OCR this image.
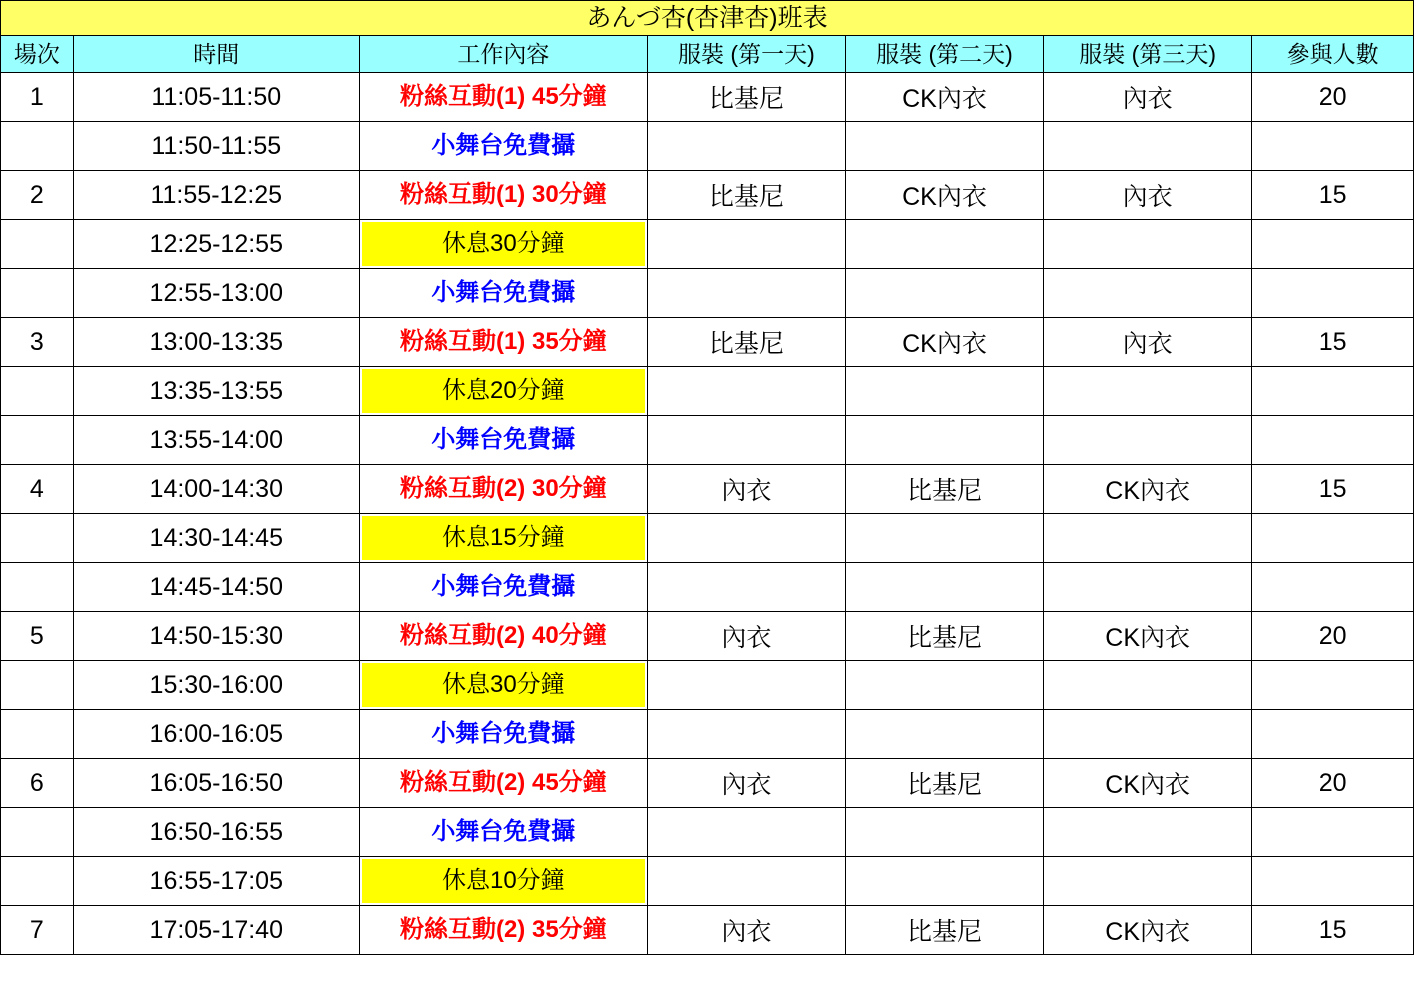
あんづ杏(杏津杏)班表						
場次	時間	工作內容	服裝 (第一天)	服裝 (第二天)	服裝 (第三天)	參與人數
1	11:05-11:50	粉絲互動(1) 45分鐘	比基尼	CK內衣	內衣	20
	11:50-11:55	小舞台免費攝				

2	11:55-12:25	粉絲互動(1) 30分鐘	比基尼	CK內衣	內衣	15
	12:25-12:55	休息30分鐘				

	12:55-13:00	小舞台免費攝				

3	13:00-13:35	粉絲互動(1) 35分鐘	比基尼	CK內衣	內衣	15
	13:35-13:55	休息20分鐘				

	13:55-14:00	小舞台免費攝				

4	14:00-14:30	粉絲互動(2) 30分鐘	內衣	比基尼	CK內衣	15
	14:30-14:45	休息15分鐘				

	14:45-14:50	小舞台免費攝				

5	14:50-15:30	粉絲互動(2) 40分鐘	內衣	比基尼	CK內衣	20
	15:30-16:00	休息30分鐘				

	16:00-16:05	小舞台免費攝				

6	16:05-16:50	粉絲互動(2) 45分鐘	內衣	比基尼	CK內衣	20
	16:50-16:55	小舞台免費攝				

	16:55-17:05	休息10分鐘				

7	17:05-17:40	粉絲互動(2) 35分鐘	內衣	比基尼	CK內衣	15
